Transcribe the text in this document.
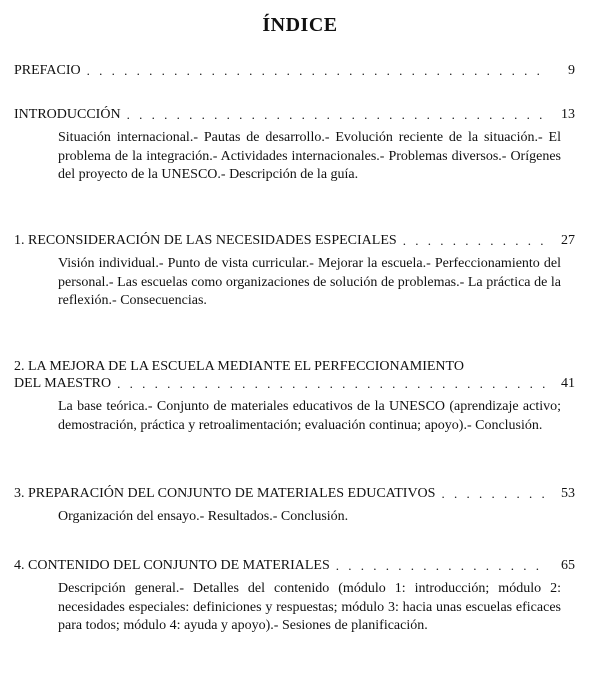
ÍNDICE
PREFACIO . . .	9
INTRODUCCIÓN . . .	13
Situación internacional.- Pautas de desarrollo.- Evolución reciente de la situación.- El problema de la integración.- Actividades internacionales.- Problemas diversos.- Orígenes del proyecto de la UNESCO.- Descripción de la guía.
1. RECONSIDERACIÓN DE LAS NECESIDADES ESPECIALES . . .	27
Visión individual.- Punto de vista curricular.- Mejorar la escuela.- Perfeccionamiento del personal.- Las escuelas como organizaciones de solución de problemas.- La práctica de la reflexión.- Consecuencias.
2. LA MEJORA DE LA ESCUELA MEDIANTE EL PERFECCIONAMIENTO
DEL MAESTRO . . .	41
La base teórica.- Conjunto de materiales educativos de la UNESCO (aprendizaje activo; demostración, práctica y retroalimentación; evaluación continua; apoyo).- Conclusión.
3. PREPARACIÓN DEL CONJUNTO DE MATERIALES EDUCATIVOS . . .	53
Organización del ensayo.- Resultados.- Conclusión.
4. CONTENIDO DEL CONJUNTO DE MATERIALES . . .	65
Descripción general.- Detalles del contenido (módulo 1: introducción; módulo 2: necesidades especiales: definiciones y respuestas; módulo 3: hacia unas escuelas eficaces para todos; módulo 4: ayuda y apoyo).- Sesiones de planificación.
